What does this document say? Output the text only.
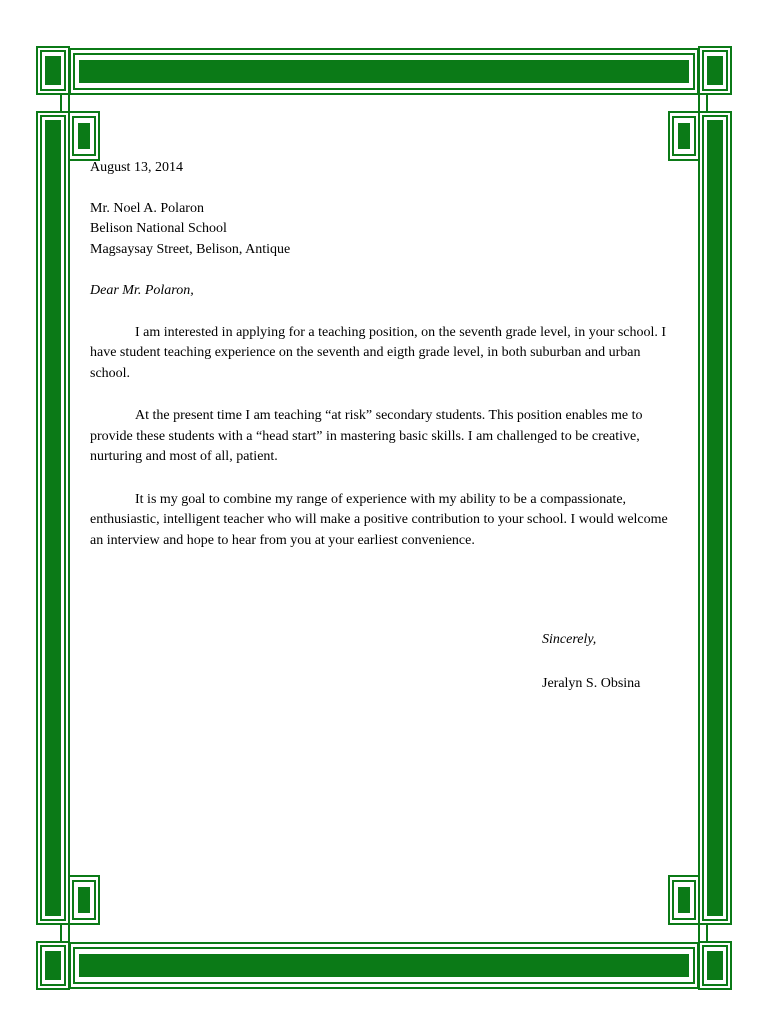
August 13, 2014

Mr. Noel A. Polaron
Belison National School
Magsaysay Street, Belison, Antique

Dear Mr. Polaron,

I am interested in applying for a teaching position, on the seventh grade level, in your school. I have student teaching experience on the seventh and eigth grade level, in both suburban and urban school.

At the present time I am teaching “at risk” secondary students. This position enables me to provide these students with a “head start” in mastering basic skills. I am challenged to be creative, nurturing and most of all, patient.

It is my goal to combine my range of experience with my ability to be a compassionate, enthusiastic, intelligent teacher who will make a positive contribution to your school. I would welcome an interview and hope to hear from you at your earliest convenience.

Sincerely,
Jeralyn S. Obsina
